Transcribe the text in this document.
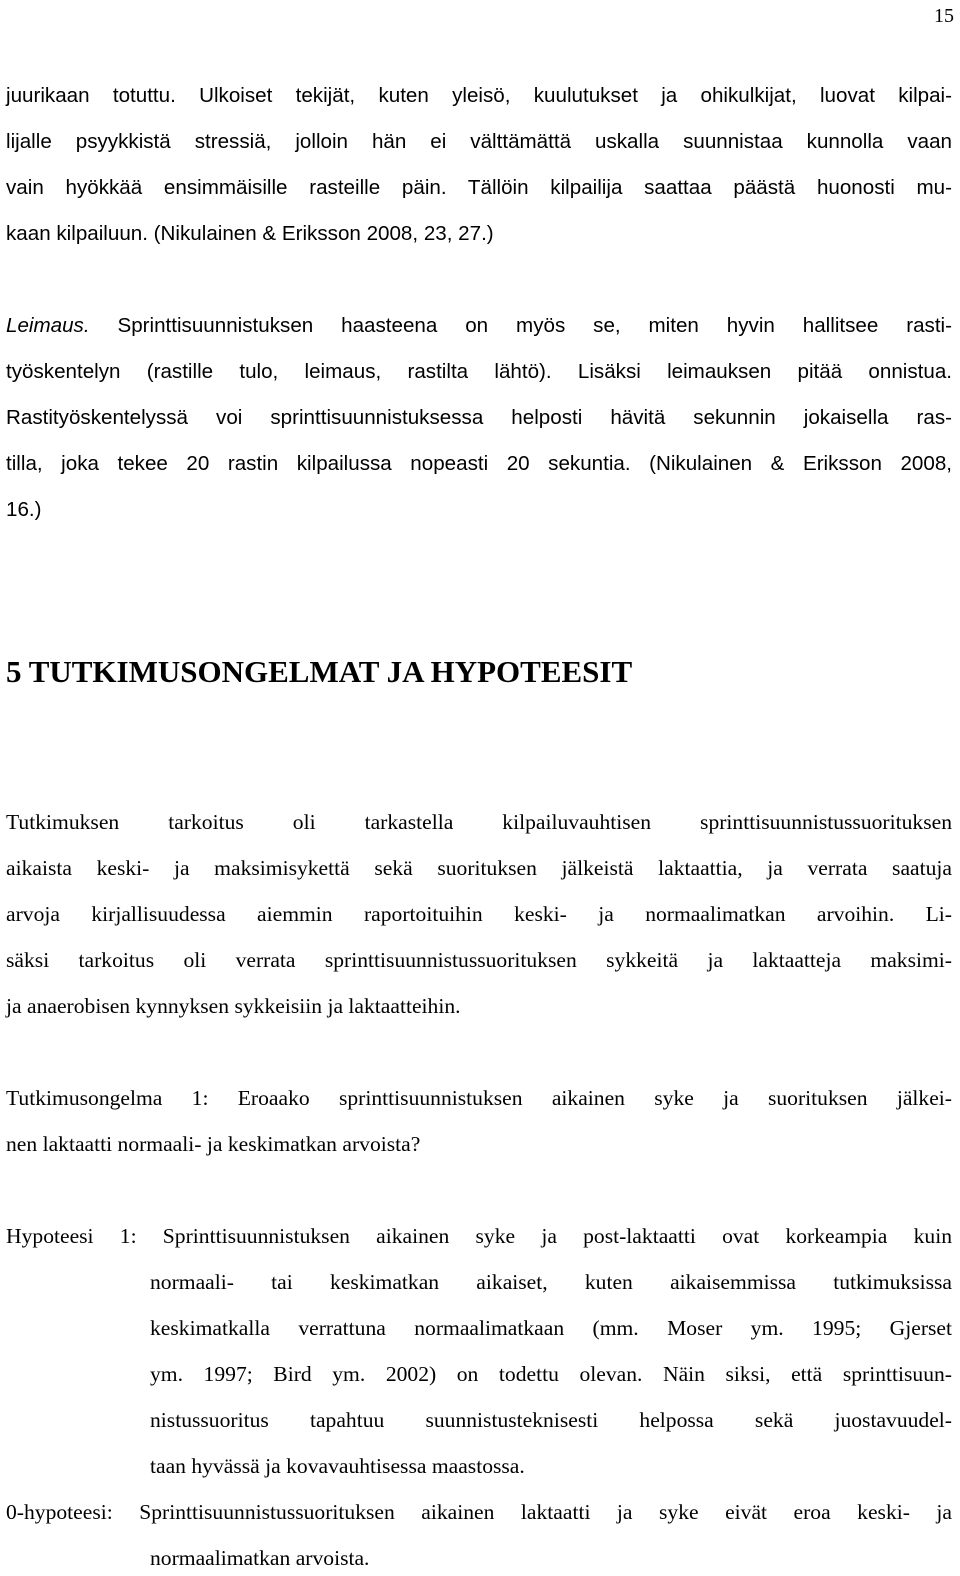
15
juurikaan totuttu. Ulkoiset tekijät, kuten yleisö, kuulutukset ja ohikulkijat, luovat kilpai-
lijalle psyykkistä stressiä, jolloin hän ei välttämättä uskalla suunnistaa kunnolla vaan
vain hyökkää ensimmäisille rasteille päin. Tällöin kilpailija saattaa päästä huonosti mu-
kaan kilpailuun. (Nikulainen & Eriksson 2008, 23, 27.)
Leimaus. Sprinttisuunnistuksen haasteena on myös se, miten hyvin hallitsee rasti-
työskentelyn (rastille tulo, leimaus, rastilta lähtö). Lisäksi leimauksen pitää onnistua.
Rastityöskentelyssä voi sprinttisuunnistuksessa helposti hävitä sekunnin jokaisella ras-
tilla, joka tekee 20 rastin kilpailussa nopeasti 20 sekuntia. (Nikulainen & Eriksson 2008,
16.)
5 TUTKIMUSONGELMAT JA HYPOTEESIT
Tutkimuksen tarkoitus oli tarkastella kilpailuvauhtisen sprinttisuunnistussuorituksen
aikaista keski- ja maksimisykettä sekä suorituksen jälkeistä laktaattia, ja verrata saatuja
arvoja kirjallisuudessa aiemmin raportoituihin keski- ja normaalimatkan arvoihin. Li-
säksi tarkoitus oli verrata sprinttisuunnistussuorituksen sykkeitä ja laktaatteja maksimi-
ja anaerobisen kynnyksen sykkeisiin ja laktaatteihin.
Tutkimusongelma 1: Eroaako sprinttisuunnistuksen aikainen syke ja suorituksen jälkei-
nen laktaatti normaali- ja keskimatkan arvoista?
Hypoteesi 1: Sprinttisuunnistuksen aikainen syke ja post-laktaatti ovat korkeampia kuin
normaali- tai keskimatkan aikaiset, kuten aikaisemmissa tutkimuksissa
keskimatkalla verrattuna normaalimatkaan (mm. Moser ym. 1995; Gjerset
ym. 1997; Bird ym. 2002) on todettu olevan. Näin siksi, että sprinttisuun-
nistussuoritus tapahtuu suunnistusteknisesti helpossa sekä juostavuudel-
taan hyvässä ja kovavauhtisessa maastossa.
0-hypoteesi: Sprinttisuunnistussuorituksen aikainen laktaatti ja syke eivät eroa keski- ja
normaalimatkan arvoista.
